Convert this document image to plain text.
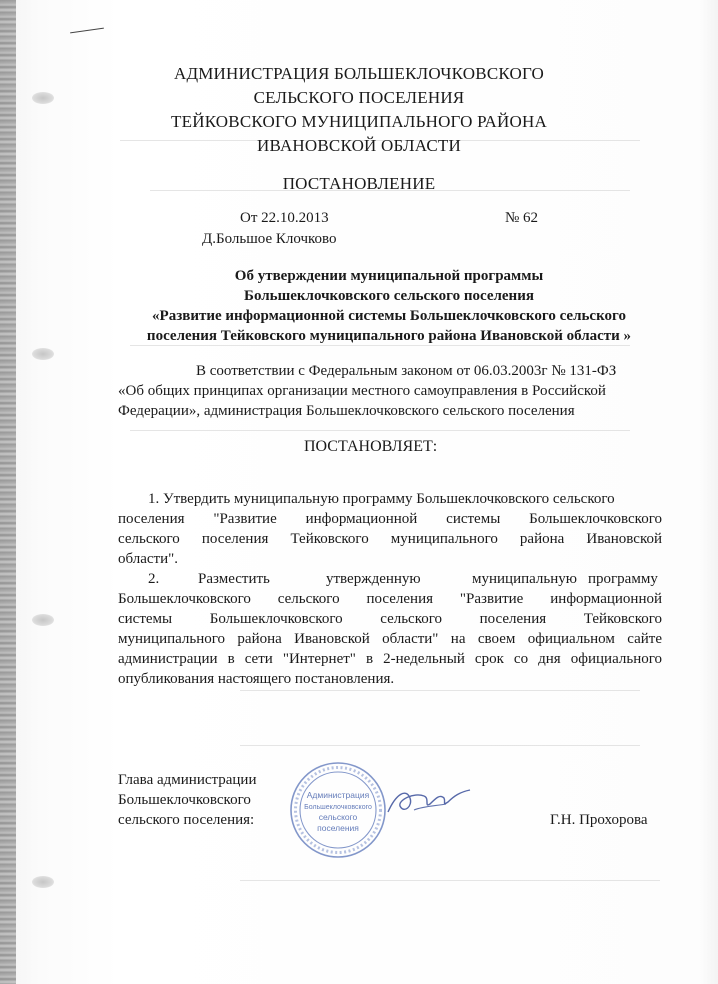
АДМИНИСТРАЦИЯ БОЛЬШЕКЛОЧКОВСКОГО
СЕЛЬСКОГО ПОСЕЛЕНИЯ
ТЕЙКОВСКОГО МУНИЦИПАЛЬНОГО РАЙОНА
ИВАНОВСКОЙ ОБЛАСТИ
ПОСТАНОВЛЕНИЕ
От 22.10.2013	№ 62
Д.Большое Клочково
Об утверждении муниципальной программы
Большеклочковского сельского поселения
«Развитие информационной системы Большеклочковского сельского
поселения Тейковского муниципального района Ивановской области »
В соответствии с Федеральным законом от 06.03.2003г № 131-ФЗ
«Об общих принципах организации местного самоуправления в Российской
Федерации», администрация Большеклочковского сельского поселения
ПОСТАНОВЛЯЕТ:
1. Утвердить муниципальную программу Большеклочковского сельского
поселения "Развитие информационной системы Большеклочковского
сельского поселения Тейковского муниципального района Ивановской
области".
2.	Разместить	утвержденную	муниципальную программу
Большеклочковского сельского поселения "Развитие информационной
системы Большеклочковского сельского поселения Тейковского
муниципального района Ивановской области" на своем официальном сайте
администрации в сети "Интернет" в 2-недельный срок со дня официального
опубликования настоящего постановления.
Глава администрации
Большеклочковского
сельского поселения:	Г.Н. Прохорова
Администрация
Большеклочковского
сельского
поселения
